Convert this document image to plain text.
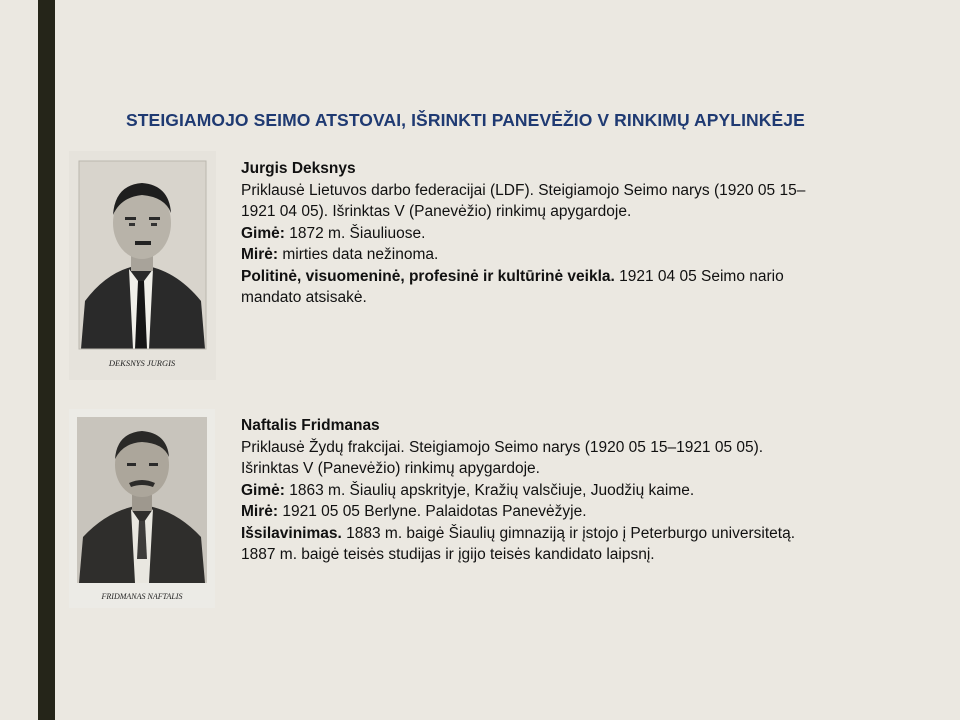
STEIGIAMOJO SEIMO ATSTOVAI, IŠRINKTI PANEVĖŽIO V RINKIMŲ APYLINKĖJE
DEKSNYS JURGIS
FRIDMANAS NAFTALIS
Jurgis Deksnys
Priklausė Lietuvos darbo federacijai (LDF). Steigiamojo Seimo narys (1920 05 15–
1921 04 05). Išrinktas V (Panevėžio) rinkimų apygardoje.
Gimė: 1872 m. Šiauliuose.
Mirė: mirties data nežinoma.
Politinė, visuomeninė, profesinė ir kultūrinė veikla. 1921 04 05 Seimo nario
mandato atsisakė.
Naftalis Fridmanas
Priklausė Žydų frakcijai. Steigiamojo Seimo narys (1920 05 15–1921 05 05).
Išrinktas V (Panevėžio) rinkimų apygardoje.
Gimė: 1863 m. Šiaulių apskrityje, Kražių valsčiuje, Juodžių kaime.
Mirė: 1921 05 05 Berlyne. Palaidotas Panevėžyje.
Išsilavinimas. 1883 m. baigė Šiaulių gimnaziją ir įstojo į Peterburgo universitetą.
1887 m. baigė teisės studijas ir įgijo teisės kandidato laipsnį.
